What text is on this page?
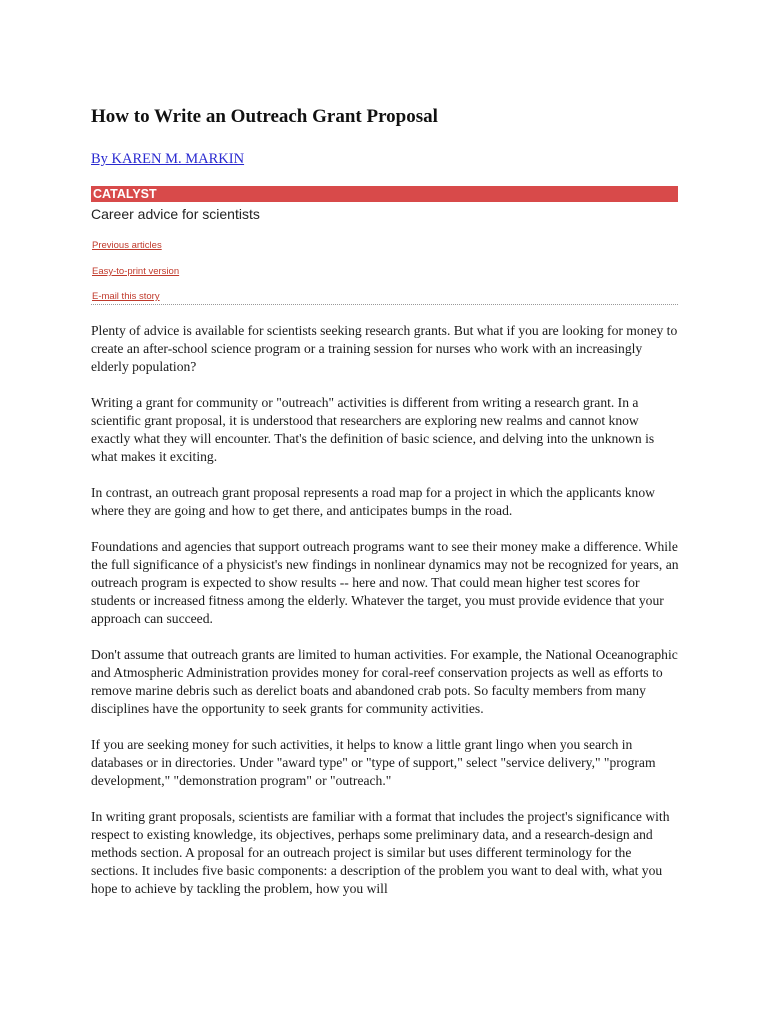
How to Write an Outreach Grant Proposal
By KAREN M. MARKIN
CATALYST
Career advice for scientists
Previous articles
Easy-to-print version
E-mail this story

Plenty of advice is available for scientists seeking research grants. But what if you are looking for money to create an after-school science program or a training session for nurses who work with an increasingly elderly population?

Writing a grant for community or "outreach" activities is different from writing a research grant. In a scientific grant proposal, it is understood that researchers are exploring new realms and cannot know exactly what they will encounter. That's the definition of basic science, and delving into the unknown is what makes it exciting.

In contrast, an outreach grant proposal represents a road map for a project in which the applicants know where they are going and how to get there, and anticipates bumps in the road.

Foundations and agencies that support outreach programs want to see their money make a difference. While the full significance of a physicist's new findings in nonlinear dynamics may not be recognized for years, an outreach program is expected to show results -- here and now. That could mean higher test scores for students or increased fitness among the elderly. Whatever the target, you must provide evidence that your approach can succeed.

Don't assume that outreach grants are limited to human activities. For example, the National Oceanographic and Atmospheric Administration provides money for coral-reef conservation projects as well as efforts to remove marine debris such as derelict boats and abandoned crab pots. So faculty members from many disciplines have the opportunity to seek grants for community activities.

If you are seeking money for such activities, it helps to know a little grant lingo when you search in databases or in directories. Under "award type" or "type of support," select "service delivery," "program development," "demonstration program" or "outreach."

In writing grant proposals, scientists are familiar with a format that includes the project's significance with respect to existing knowledge, its objectives, perhaps some preliminary data, and a research-design and methods section. A proposal for an outreach project is similar but uses different terminology for the sections. It includes five basic components: a description of the problem you want to deal with, what you hope to achieve by tackling the problem, how you will
